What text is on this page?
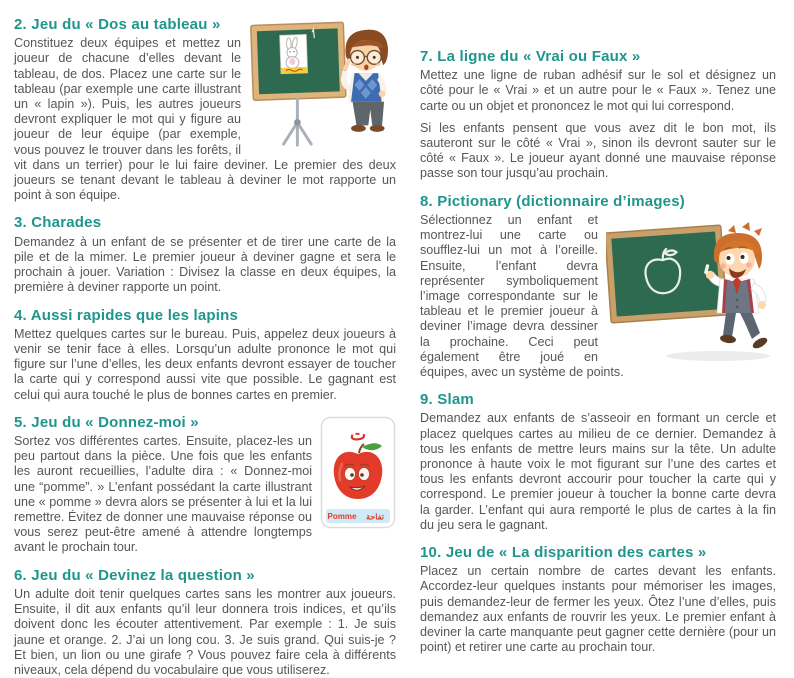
2. Jeu du « Dos au tableau »

Constituez deux équipes et mettez un joueur de chacune d’elles devant le tableau, de dos. Placez une carte sur le tableau (par exemple une carte illustrant un « lapin »). Puis, les autres joueurs devront expliquer le mot qui y figure au joueur de leur équipe (par exemple, vous pouvez le trouver dans les forêts, il vit dans un terrier) pour le lui faire deviner. Le premier des deux joueurs se tenant devant le tableau à deviner le mot rapporte un point à son équipe.

3. Charades

Demandez à un enfant de se présenter et de tirer une carte de la pile et de la mimer. Le premier joueur à deviner gagne et sera le prochain à jouer. Variation : Divisez la classe en deux équipes, la première à deviner rapporte un point.

4. Aussi rapides que les lapins

Mettez quelques cartes sur le bureau. Puis, appelez deux joueurs à venir se tenir face à elles. Lorsqu’un adulte prononce le mot qui figure sur l’une d’elles, les deux enfants devront essayer de toucher la carte qui y correspond aussi vite que possible. Le gagnant est celui qui aura touché le plus de bonnes cartes en premier.

ت
Pomme تفاحة
5. Jeu du « Donnez-moi »

Sortez vos différentes cartes. Ensuite, placez-les un peu partout dans la pièce. Une fois que les enfants les auront recueillies, l’adulte dira : « Donnez-moi une “pomme”. » L’enfant possédant la carte illustrant une « pomme » devra alors se présenter à lui et la lui remettre. Évitez de donner une mauvaise réponse ou vous serez peut-être amené à attendre longtemps avant le prochain tour.

6. Jeu du « Devinez la question »

Un adulte doit tenir quelques cartes sans les montrer aux joueurs. Ensuite, il dit aux enfants qu’il leur donnera trois indices, et qu’ils doivent donc les écouter attentivement. Par exemple : 1. Je suis jaune et orange. 2. J’ai un long cou. 3. Je suis grand. Qui suis-je ? Et bien, un lion ou une girafe ? Vous pouvez faire cela à différents niveaux, cela dépend du vocabulaire que vous utiliserez.

7. La ligne du « Vrai ou Faux »

Mettez une ligne de ruban adhésif sur le sol et désignez un côté pour le « Vrai » et un autre pour le « Faux ». Tenez une carte ou un objet et prononcez le mot qui lui correspond.

Si les enfants pensent que vous avez dit le bon mot, ils sauteront sur le côté « Vrai », sinon ils devront sauter sur le côté « Faux ». Le joueur ayant donné une mauvaise réponse passe son tour jusqu’au prochain.

8. Pictionary (dictionnaire d’images)

Sélectionnez un enfant et montrez-lui une carte ou soufflez-lui un mot à l’oreille. Ensuite, l’enfant devra représenter symboliquement l’image correspondante sur le tableau et le premier joueur à deviner l’image devra dessiner la prochaine. Ceci peut également être joué en équipes, avec un système de points.

9. Slam

Demandez aux enfants de s’asseoir en formant un cercle et placez quelques cartes au milieu de ce dernier. Demandez à tous les enfants de mettre leurs mains sur la tête. Un adulte prononce à haute voix le mot figurant sur l’une des cartes et tous les enfants devront accourir pour toucher la carte qui y correspond. Le premier joueur à toucher la bonne carte devra la garder. L’enfant qui aura remporté le plus de cartes à la fin du jeu sera le gagnant.

10. Jeu de « La disparition des cartes »

Placez un certain nombre de cartes devant les enfants. Accordez-leur quelques instants pour mémoriser les images, puis demandez-leur de fermer les yeux. Ôtez l’une d’elles, puis demandez aux enfants de rouvrir les yeux. Le premier enfant à deviner la carte manquante peut gagner cette dernière (pour un point) et retirer une carte au prochain tour.
